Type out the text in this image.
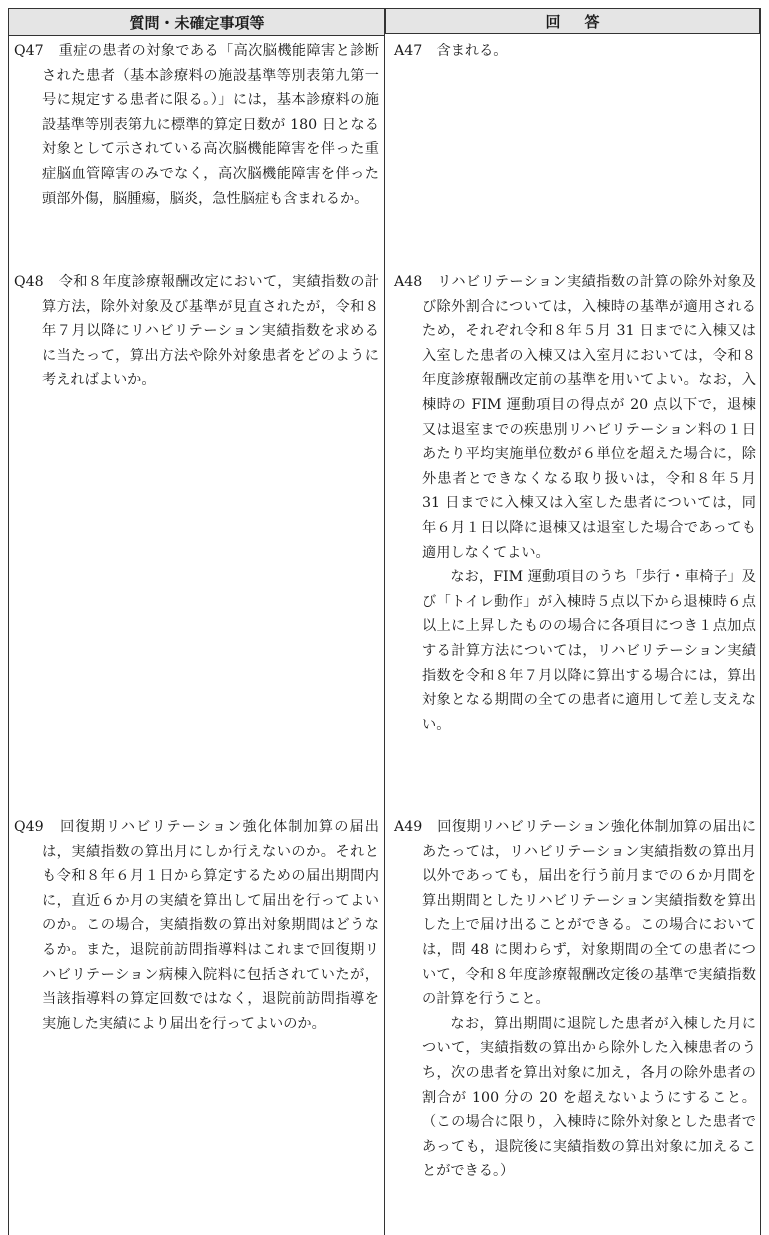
質問・未確定事項等	回答
Q47　 重症の患者の対象である「高次脳機能障害と診断された患者（基本診療料の施設基準等別表第九第一号に規定する患者に限る。）」には，基本診療料の施設基準等別表第九に標準的算定日数が 180 日となる対象として示されている高次脳機能障害を伴った重症脳血管障害のみでなく，高次脳機能障害を伴った頭部外傷，脳腫瘍，脳炎，急性脳症も含まれるか。
A47　 含まれる。
Q48　 令和８年度診療報酬改定において，実績指数の計算方法，除外対象及び基準が見直されたが，令和８年７月以降にリハビリテーション実績指数を求めるに当たって，算出方法や除外対象患者をどのように考えればよいか。
A48　 リハビリテーション実績指数の計算の除外対象及び除外割合については，入棟時の基準が適用されるため，それぞれ令和８年５月 31 日までに入棟又は入室した患者の入棟又は入室月においては，令和８年度診療報酬改定前の基準を用いてよい。なお，入棟時の FIM 運動項目の得点が 20 点以下で，退棟又は退室までの疾患別リハビリテーション料の１日あたり平均実施単位数が６単位を超えた場合に，除外患者とできなくなる取り扱いは，令和８年５月 31 日までに入棟又は入室した患者については，同年６月１日以降に退棟又は退室した場合であっても適用しなくてよい。
なお，FIM 運動項目のうち「歩行・車椅子」及び「トイレ動作」が入棟時５点以下から退棟時６点以上に上昇したものの場合に各項目につき１点加点する計算方法については，リハビリテーション実績指数を令和８年７月以降に算出する場合には，算出対象となる期間の全ての患者に適用して差し支えない。
Q49　 回復期リハビリテーション強化体制加算の届出は，実績指数の算出月にしか行えないのか。それとも令和８年６月１日から算定するための届出期間内に，直近６か月の実績を算出して届出を行ってよいのか。この場合，実績指数の算出対象期間はどうなるか。また，退院前訪問指導料はこれまで回復期リハビリテーション病棟入院料に包括されていたが，当該指導料の算定回数ではなく，退院前訪問指導を実施した実績により届出を行ってよいのか。
A49　 回復期リハビリテーション強化体制加算の届出にあたっては，リハビリテーション実績指数の算出月以外であっても，届出を行う前月までの６か月間を算出期間としたリハビリテーション実績指数を算出した上で届け出ることができる。この場合においては，問 48 に関わらず，対象期間の全ての患者について，令和８年度診療報酬改定後の基準で実績指数の計算を行うこと。
なお，算出期間に退院した患者が入棟した月について，実績指数の算出から除外した入棟患者のうち，次の患者を算出対象に加え，各月の除外患者の割合が 100 分の 20 を超えないようにすること。（この場合に限り，入棟時に除外対象とした患者であっても，退院後に実績指数の算出対象に加えることができる。）
